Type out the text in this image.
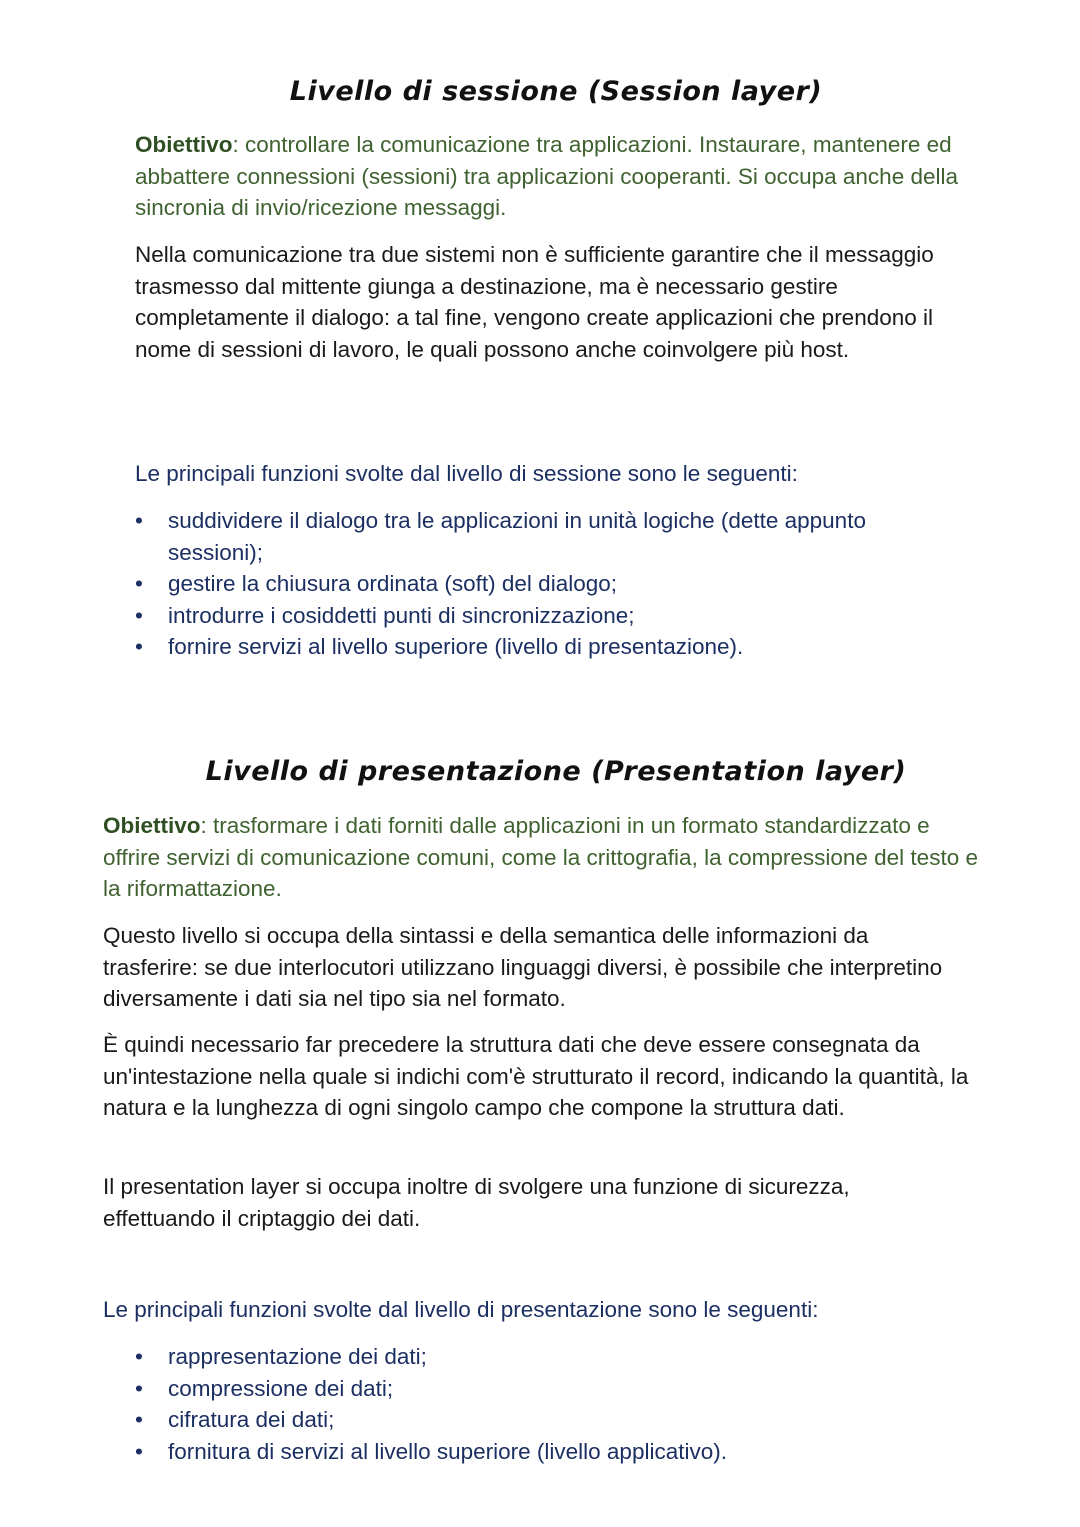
Livello di sessione (Session layer)

Obiettivo: controllare la comunicazione tra applicazioni. Instaurare, mantenere ed abbattere connessioni (sessioni) tra applicazioni cooperanti. Si occupa anche della sincronia di invio/ricezione messaggi.

Nella comunicazione tra due sistemi non è sufficiente garantire che il messaggio trasmesso dal mittente giunga a destinazione, ma è necessario gestire completamente il dialogo: a tal fine, vengono create applicazioni che prendono il nome di sessioni di lavoro, le quali possono anche coinvolgere più host.

Le principali funzioni svolte dal livello di sessione sono le seguenti:

• suddividere il dialogo tra le applicazioni in unità logiche (dette appunto sessioni);
• gestire la chiusura ordinata (soft) del dialogo;
• introdurre i cosiddetti punti di sincronizzazione;
• fornire servizi al livello superiore (livello di presentazione).
Livello di presentazione (Presentation layer)

Obiettivo: trasformare i dati forniti dalle applicazioni in un formato standardizzato e offrire servizi di comunicazione comuni, come la crittografia, la compressione del testo e la riformattazione.

Questo livello si occupa della sintassi e della semantica delle informazioni da trasferire: se due interlocutori utilizzano linguaggi diversi, è possibile che interpretino diversamente i dati sia nel tipo sia nel formato.

È quindi necessario far precedere la struttura dati che deve essere consegnata da un'intestazione nella quale si indichi com'è strutturato il record, indicando la quantità, la natura e la lunghezza di ogni singolo campo che compone la struttura dati.

Il presentation layer si occupa inoltre di svolgere una funzione di sicurezza, effettuando il criptaggio dei dati.

Le principali funzioni svolte dal livello di presentazione sono le seguenti:

• rappresentazione dei dati;
• compressione dei dati;
• cifratura dei dati;
• fornitura di servizi al livello superiore (livello applicativo).
